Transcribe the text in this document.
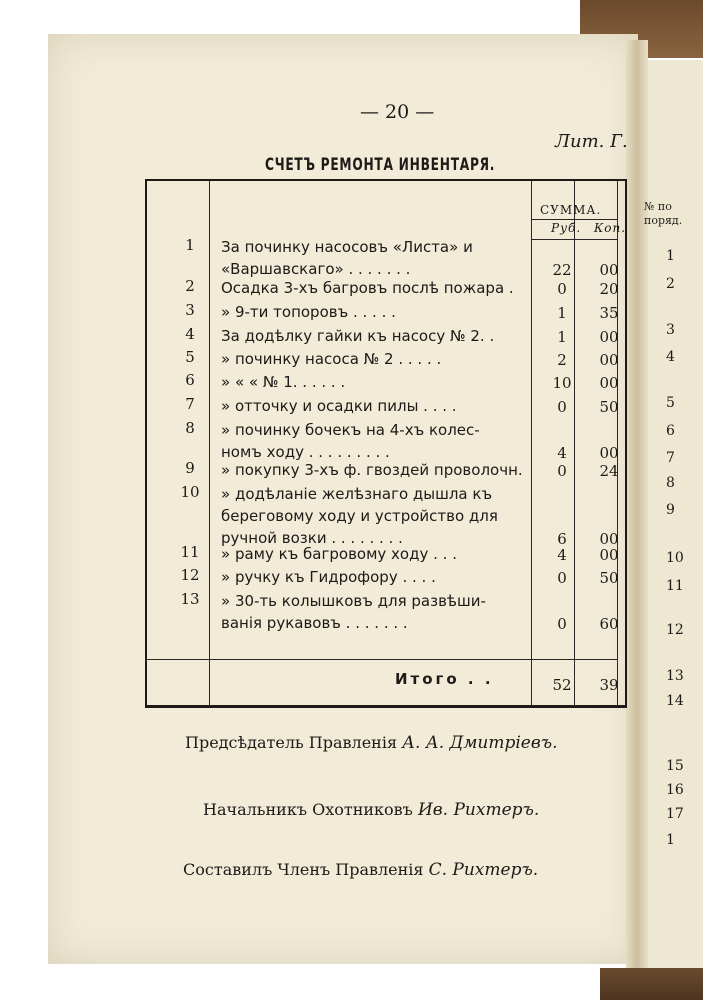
— 20 —
Лит. Г.
СЧЕТЪ РЕМОНТА ИНВЕНТАРЯ.
СУММА.
Руб. Коп.
1	За починку насосовъ «Листа» и
«Варшавскаго» . . . . . . .	22	00
2	Осадка 3-хъ багровъ послѣ пожара .	0	20
3	» 9-ти топоровъ . . . . .	1	35
4	За додѣлку гайки къ насосу № 2. .	1	00
5	» починку насоса № 2 . . . . .	2	00
6	» « « № 1. . . . . .	10	00
7	» отточку и осадки пилы . . . .	0	50
8	» починку бочекъ на 4-хъ колес-
номъ ходу . . . . . . . . .	4	00
9	» покупку 3-хъ ф. гвоздей проволочн.	0	24
10	» додѣланіе желѣзнаго дышла къ
береговому ходу и устройство для
ручной возки . . . . . . . .	6	00
11	» раму къ багровому ходу . . .	4	00
12	» ручку къ Гидрофору . . . .	0	50
13	» 30-ть колышковъ для развѣши-
ванія рукавовъ . . . . . . .	0	60
Итого . .	52	39
Предсѣдатель Правленія А. А. Дмитріевъ.
Начальникъ Охотниковъ Ив. Рихтеръ.
Составилъ Членъ Правленія С. Рихтеръ.
№ по
поряд.
1
2
3
4
5
6
7
8
9
10
11
12
13
14
15
16
17
1
